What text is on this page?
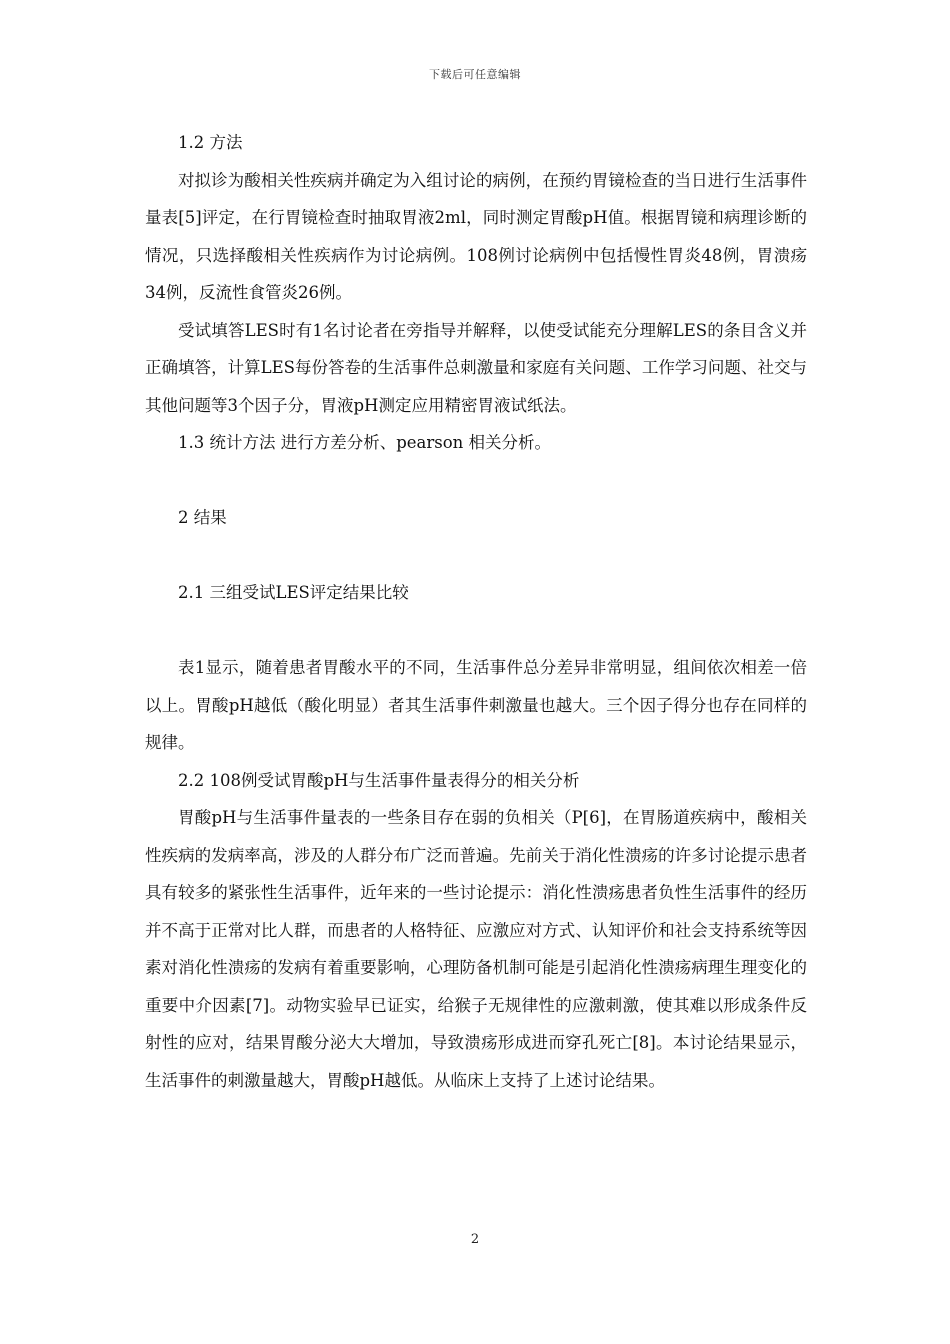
下载后可任意编辑

1.2 方法

对拟诊为酸相关性疾病并确定为入组讨论的病例，在预约胃镜检查的当日进行生活事件量表[5]评定，在行胃镜检查时抽取胃液2ml，同时测定胃酸pH值。根据胃镜和病理诊断的情况，只选择酸相关性疾病作为讨论病例。108例讨论病例中包括慢性胃炎48例，胃溃疡34例，反流性食管炎26例。

受试填答LES时有1名讨论者在旁指导并解释，以使受试能充分理解LES的条目含义并正确填答，计算LES每份答卷的生活事件总刺激量和家庭有关问题、工作学习问题、社交与其他问题等3个因子分，胃液pH测定应用精密胃液试纸法。

1.3 统计方法 进行方差分析、pearson 相关分析。

2 结果

2.1 三组受试LES评定结果比较

表1显示，随着患者胃酸水平的不同，生活事件总分差异非常明显，组间依次相差一倍以上。胃酸pH越低（酸化明显）者其生活事件刺激量也越大。三个因子得分也存在同样的规律。

2.2 108例受试胃酸pH与生活事件量表得分的相关分析

胃酸pH与生活事件量表的一些条目存在弱的负相关（P[6]，在胃肠道疾病中，酸相关性疾病的发病率高，涉及的人群分布广泛而普遍。先前关于消化性溃疡的许多讨论提示患者具有较多的紧张性生活事件，近年来的一些讨论提示：消化性溃疡患者负性生活事件的经历并不高于正常对比人群，而患者的人格特征、应激应对方式、认知评价和社会支持系统等因素对消化性溃疡的发病有着重要影响，心理防备机制可能是引起消化性溃疡病理生理变化的重要中介因素[7]。动物实验早已证实，给猴子无规律性的应激刺激，使其难以形成条件反射性的应对，结果胃酸分泌大大增加，导致溃疡形成进而穿孔死亡[8]。本讨论结果显示，生活事件的刺激量越大，胃酸pH越低。从临床上支持了上述讨论结果。

2
